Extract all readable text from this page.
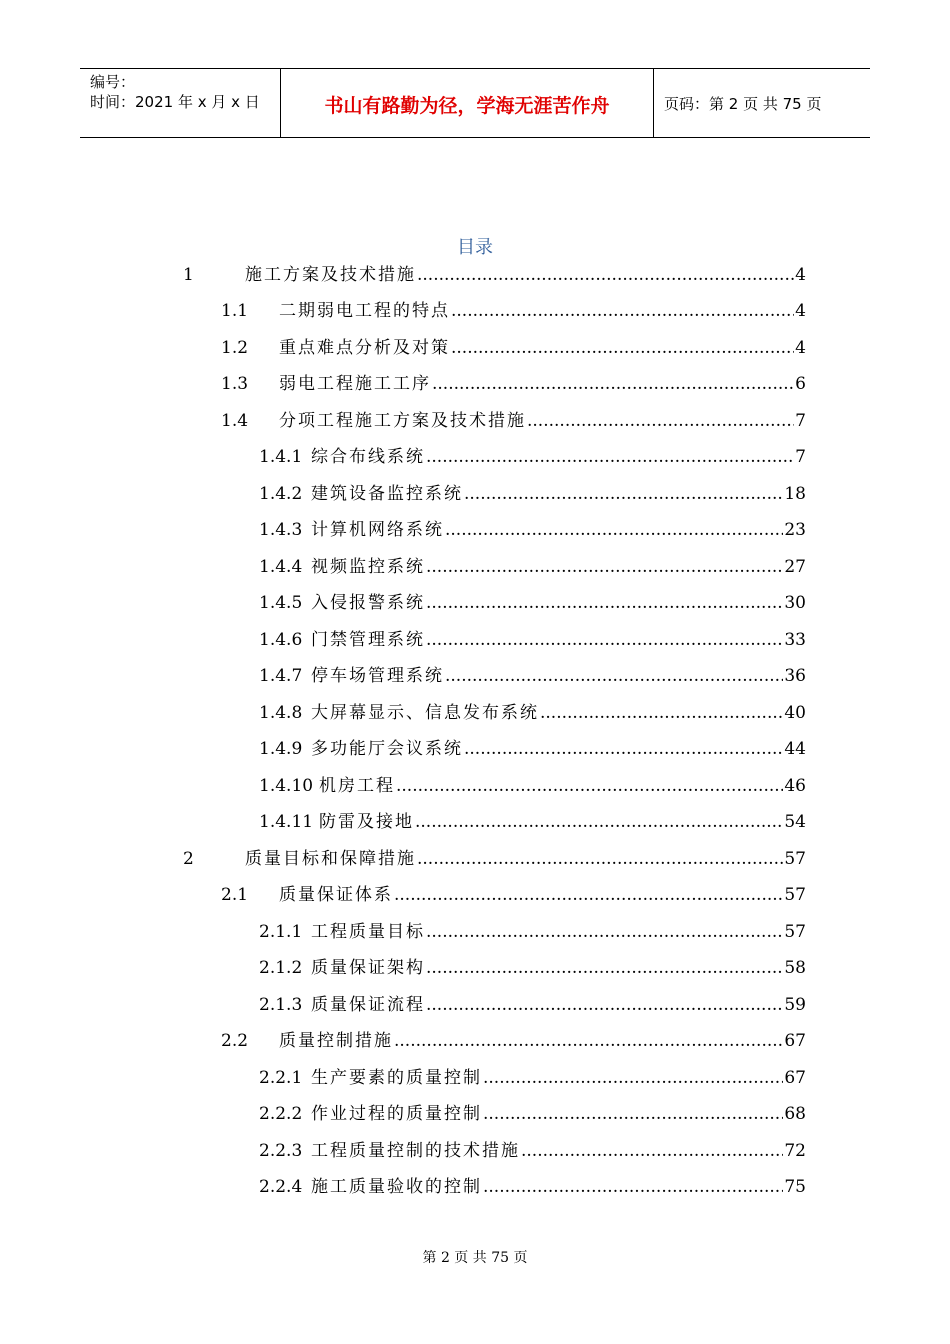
编号：
时间：2021 年 x 月 x 日	书山有路勤为径，学海无涯苦作舟	页码：第 2 页 共 75 页
目录
1	施工方案及技术措施 .....	4
1.1	二期弱电工程的特点 .....	4
1.2	重点难点分析及对策 .....	4
1.3	弱电工程施工工序 .....	6
1.4	分项工程施工方案及技术措施 .....	7
1.4.1 综合布线系统 .....	7
1.4.2 建筑设备监控系统 .....	18
1.4.3 计算机网络系统 .....	23
1.4.4 视频监控系统 .....	27
1.4.5 入侵报警系统 .....	30
1.4.6 门禁管理系统 .....	33
1.4.7 停车场管理系统 .....	36
1.4.8 大屏幕显示、信息发布系统 .....	40
1.4.9 多功能厅会议系统 .....	44
1.4.10 机房工程 .....	46
1.4.11 防雷及接地 .....	54
2	质量目标和保障措施 .....	57
2.1	质量保证体系 .....	57
2.1.1 工程质量目标 .....	57
2.1.2 质量保证架构 .....	58
2.1.3 质量保证流程 .....	59
2.2	质量控制措施 .....	67
2.2.1 生产要素的质量控制 .....	67
2.2.2 作业过程的质量控制 .....	68
2.2.3 工程质量控制的技术措施 .....	72
2.2.4 施工质量验收的控制 .....	75
第 2 页 共 75 页
